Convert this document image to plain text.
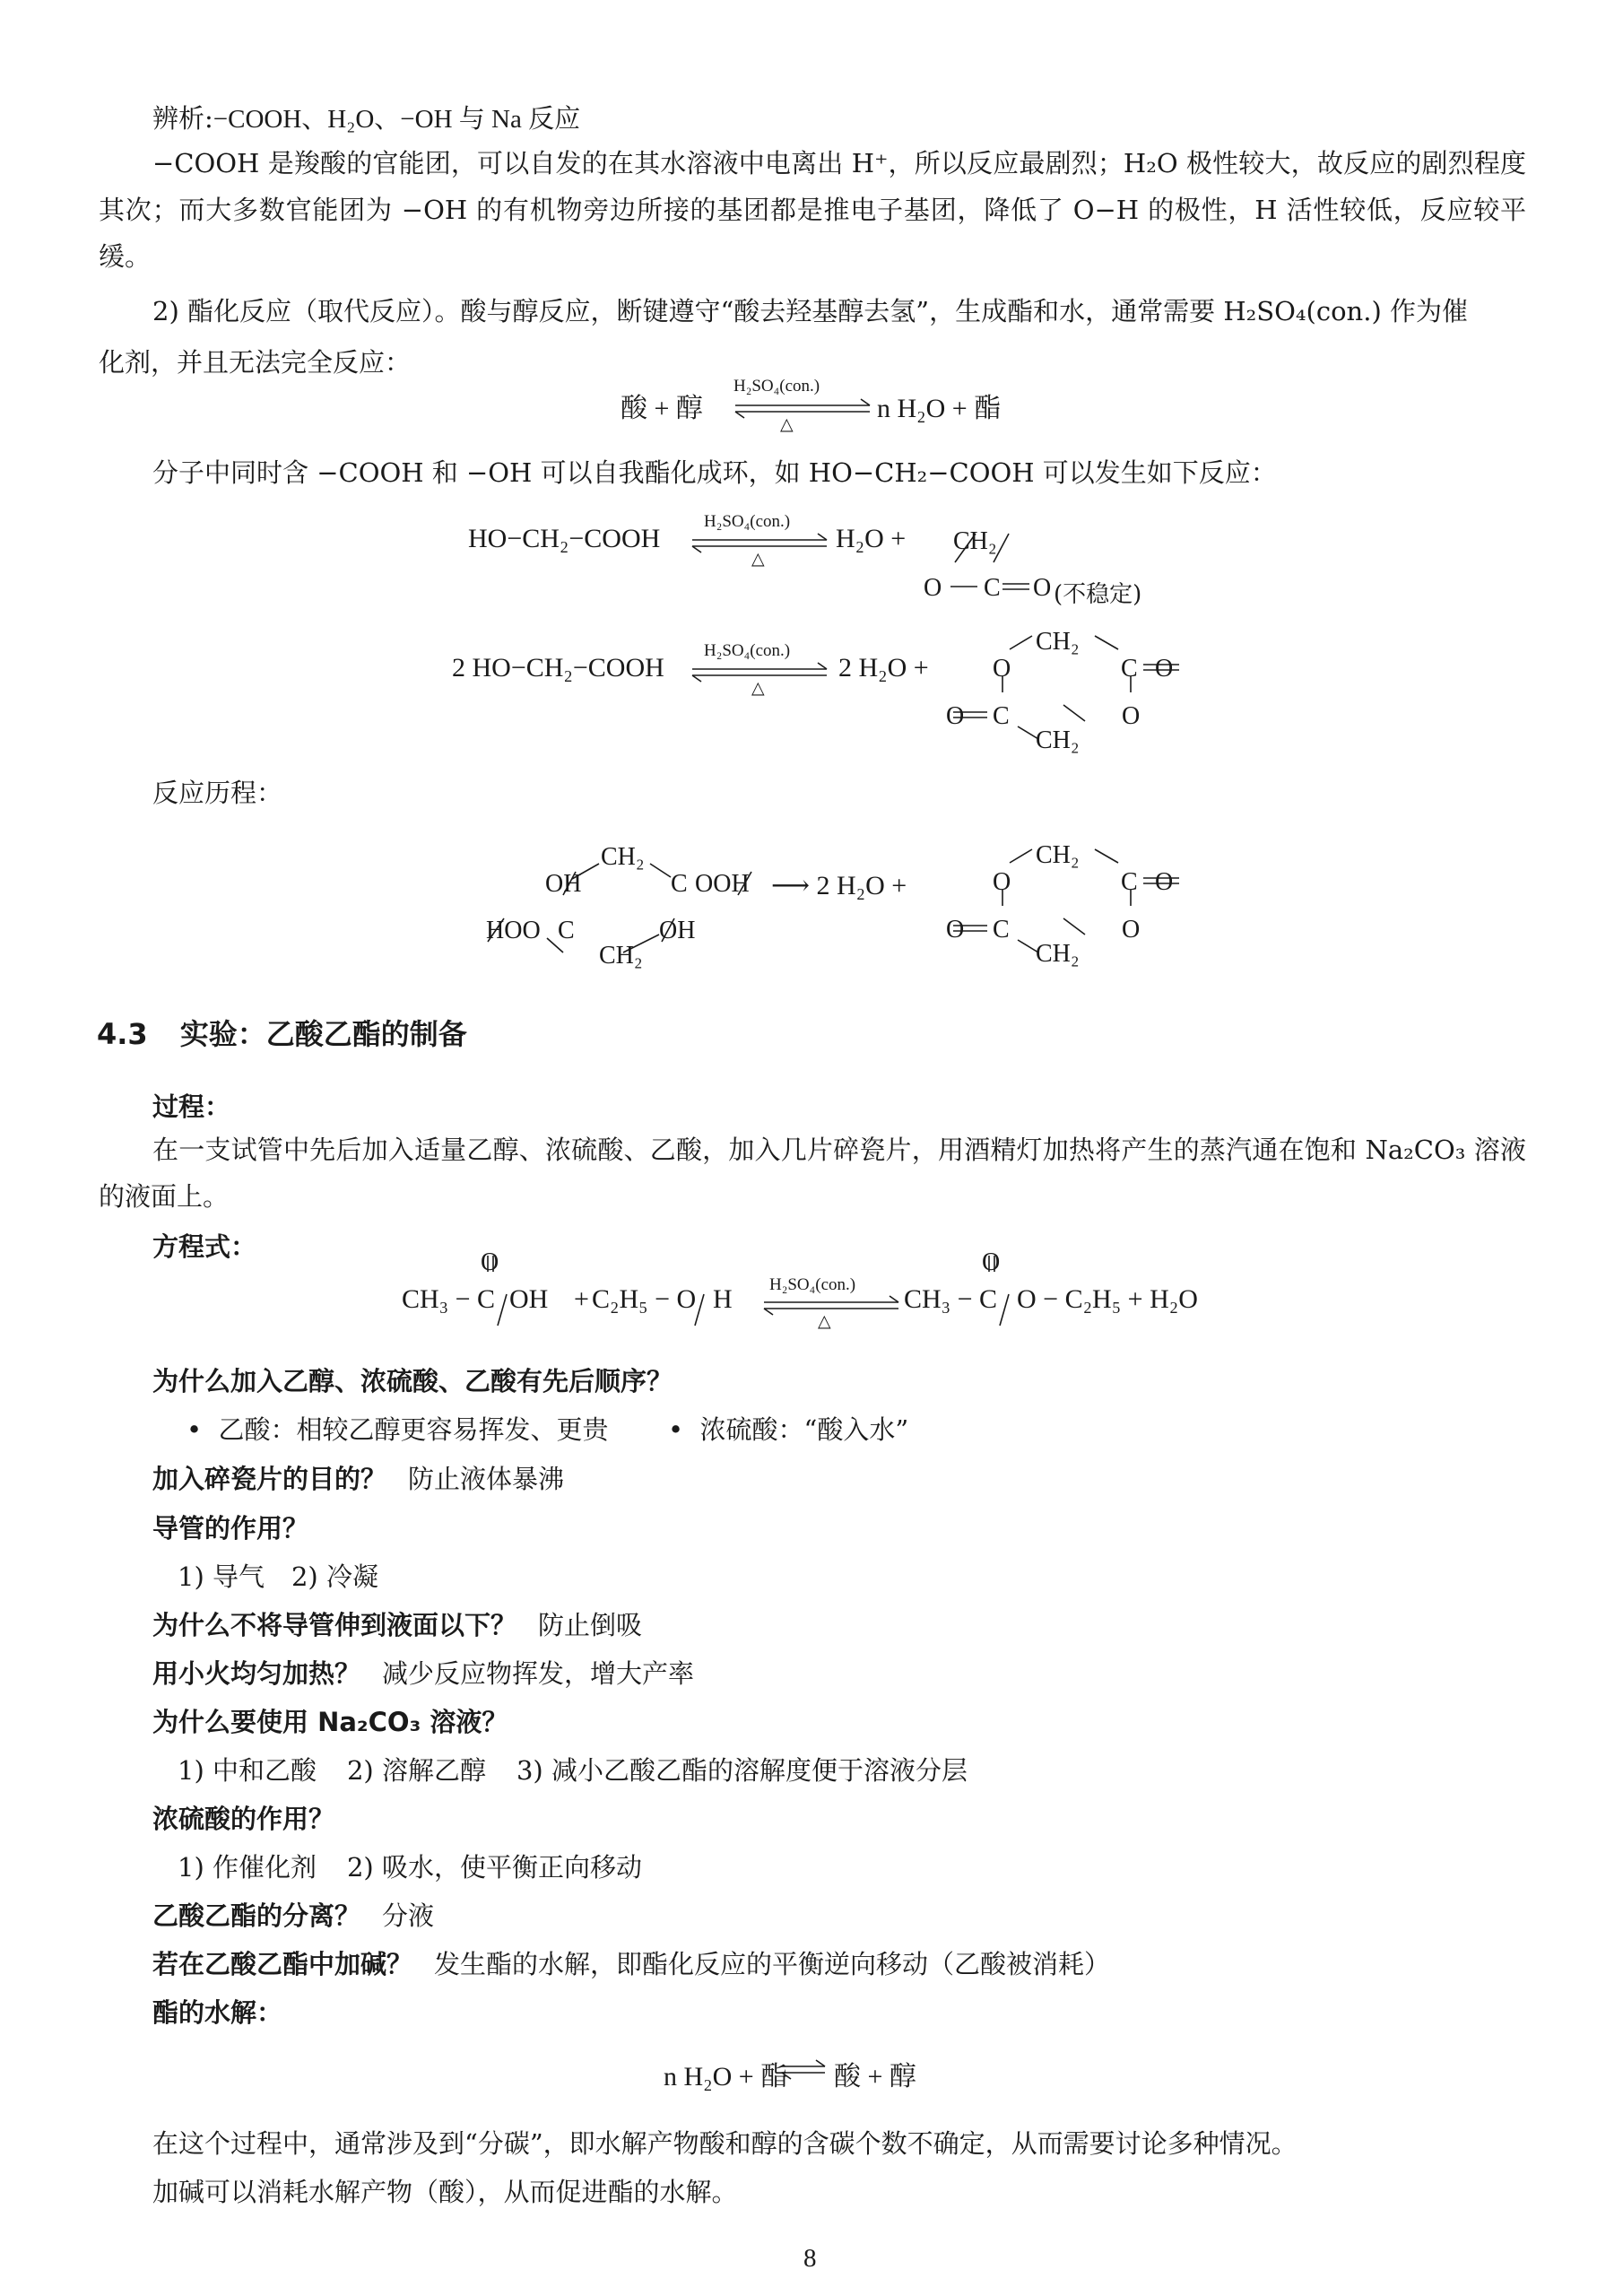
辨析:−COOH、H₂O、−OH 与 Na 反应
−COOH 是羧酸的官能团，可以自发的在其水溶液中电离出 H⁺，所以反应最剧烈；H₂O 极性较大，故反应的剧烈程度其次；而大多数官能团为 −OH 的有机物旁边所接的基团都是推电子基团，降低了 O−H 的极性，H 活性较低，反应较平缓。
2) 酯化反应（取代反应）。酸与醇反应，断键遵守“酸去羟基醇去氢”，生成酯和水，通常需要 H₂SO₄(con.) 作为催
化剂，并且无法完全反应：
酸 + 醇
H₂SO₄(con.)
△
n H₂O + 酯
分子中同时含 −COOH 和 −OH 可以自我酯化成环，如 HO−CH₂−COOH 可以发生如下反应：
HO−CH₂−COOH
H₂SO₄(con.)
△
H₂O + CH₂
O C O (不稳定)
2 HO−CH₂−COOH
H₂SO₄(con.)
△
2 H₂O +
CH₂
O	C O
O
O C
CH₂
反应历程：
OH
CH₂
C OOH
HOO C	OH
CH₂
⟶ 2 H₂O +
CH₂
O	C O
O
O C
CH₂
4.3 实验：乙酸乙酯的制备
过程：
在一支试管中先后加入适量乙醇、浓硫酸、乙酸，加入几片碎瓷片，用酒精灯加热将产生的蒸汽通在饱和 Na₂CO₃ 溶液的液面上。
方程式：
O
CH₃ − C OH + C₂H₅ − O H H₂SO₄(con.)
△
O
CH₃ − C O − C₂H₅ + H₂O
为什么加入乙醇、浓硫酸、乙酸有先后顺序？
•  乙酸：相较乙醇更容易挥发、更贵 •  浓硫酸：“酸入水”
加入碎瓷片的目的？ 防止液体暴沸
导管的作用？
1) 导气 2) 冷凝
为什么不将导管伸到液面以下？ 防止倒吸
用小火均匀加热？ 减少反应物挥发，增大产率
为什么要使用 Na₂CO₃ 溶液？
1) 中和乙酸 2) 溶解乙醇 3) 减小乙酸乙酯的溶解度便于溶液分层
浓硫酸的作用？
1) 作催化剂 2) 吸水，使平衡正向移动
乙酸乙酯的分离？ 分液
若在乙酸乙酯中加碱？ 发生酯的水解，即酯化反应的平衡逆向移动（乙酸被消耗）
酯的水解：
n H₂O + 酯 酸 + 醇
在这个过程中，通常涉及到“分碳”，即水解产物酸和醇的含碳个数不确定，从而需要讨论多种情况。
加碱可以消耗水解产物（酸），从而促进酯的水解。
8
